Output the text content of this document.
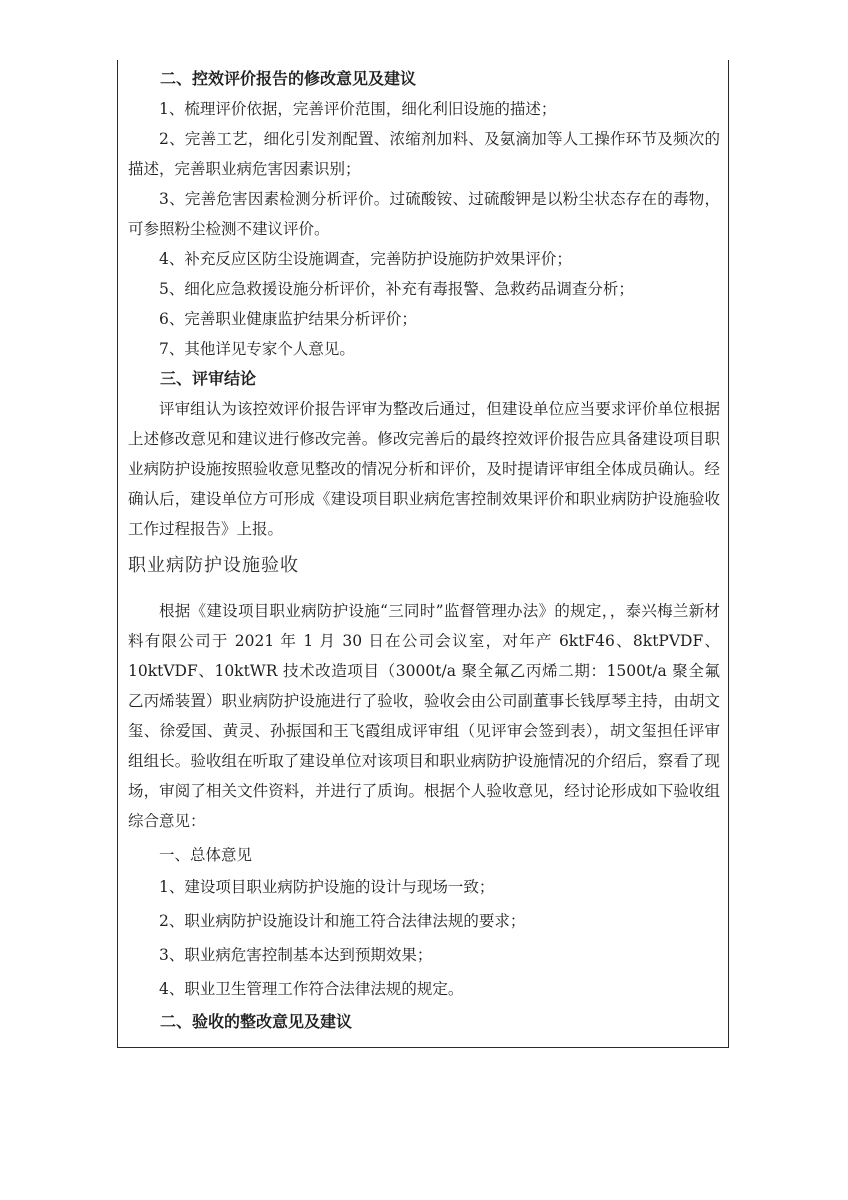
二、控效评价报告的修改意见及建议

1、梳理评价依据，完善评价范围，细化利旧设施的描述；

2、完善工艺，细化引发剂配置、浓缩剂加料、及氨滴加等人工操作环节及频次的描述，完善职业病危害因素识别；

3、完善危害因素检测分析评价。过硫酸铵、过硫酸钾是以粉尘状态存在的毒物，可参照粉尘检测不建议评价。

4、补充反应区防尘设施调查，完善防护设施防护效果评价；

5、细化应急救援设施分析评价，补充有毒报警、急救药品调查分析；

6、完善职业健康监护结果分析评价；

7、其他详见专家个人意见。

三、评审结论

评审组认为该控效评价报告评审为整改后通过，但建设单位应当要求评价单位根据上述修改意见和建议进行修改完善。修改完善后的最终控效评价报告应具备建设项目职业病防护设施按照验收意见整改的情况分析和评价，及时提请评审组全体成员确认。经确认后，建设单位方可形成《建设项目职业病危害控制效果评价和职业病防护设施验收工作过程报告》上报。

职业病防护设施验收

根据《建设项目职业病防护设施“三同时”监督管理办法》的规定，，泰兴梅兰新材料有限公司于 2021 年 1 月 30 日在公司会议室，对年产 6ktF46、8ktPVDF、10ktVDF、10ktWR 技术改造项目（3000t/a 聚全氟乙丙烯二期：1500t/a 聚全氟乙丙烯装置）职业病防护设施进行了验收，验收会由公司副董事长钱厚琴主持，由胡文玺、徐爱国、黄灵、孙振国和王飞霞组成评审组（见评审会签到表），胡文玺担任评审组组长。验收组在听取了建设单位对该项目和职业病防护设施情况的介绍后，察看了现场，审阅了相关文件资料，并进行了质询。根据个人验收意见，经讨论形成如下验收组综合意见：

一、总体意见

1、建设项目职业病防护设施的设计与现场一致；

2、职业病防护设施设计和施工符合法律法规的要求；

3、职业病危害控制基本达到预期效果；

4、职业卫生管理工作符合法律法规的规定。

二、验收的整改意见及建议
